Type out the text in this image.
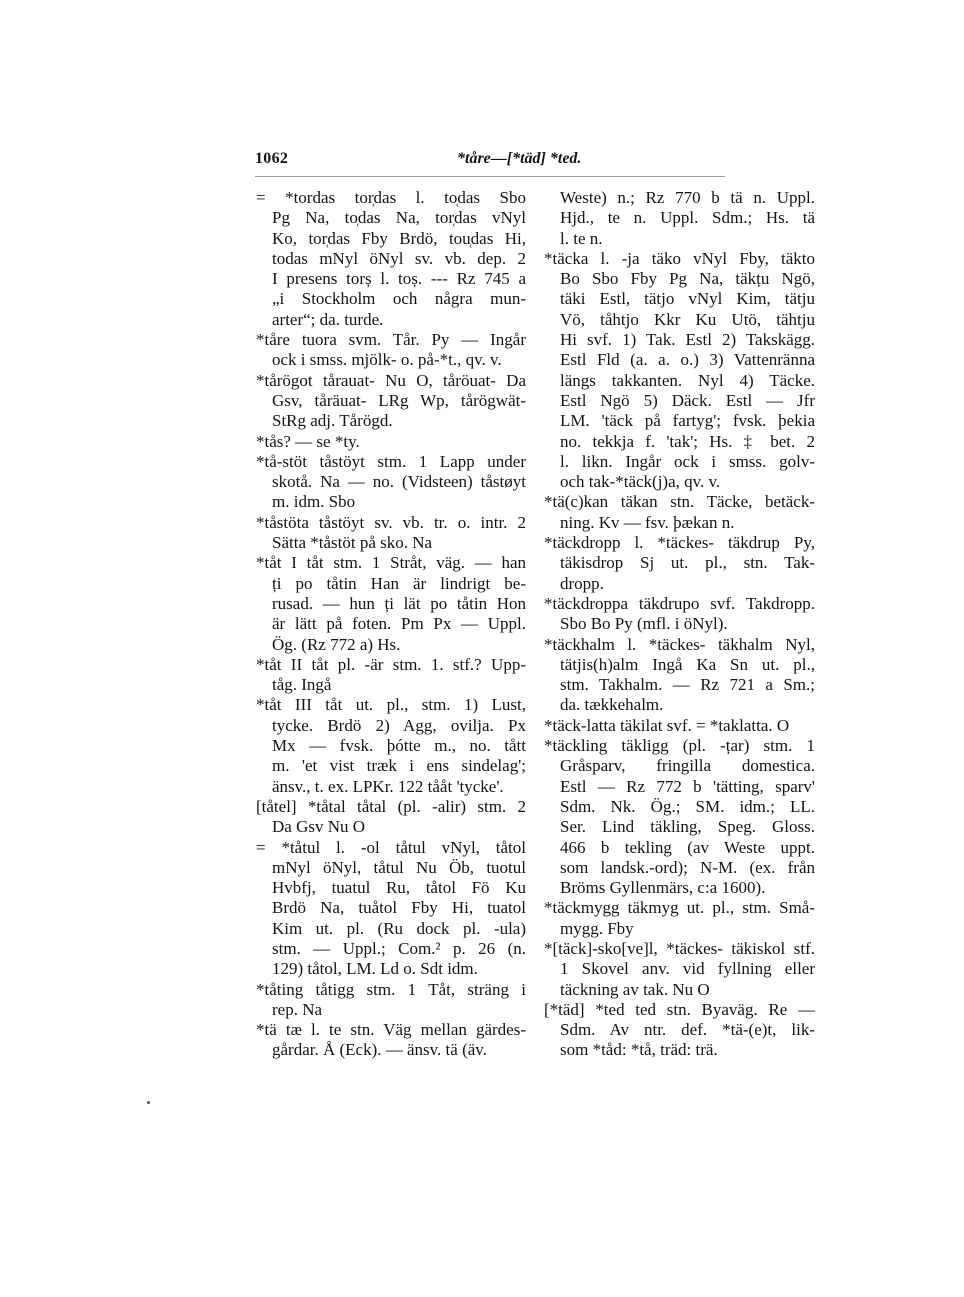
1062	*tåre—[*täd] *ted.
= *tordas tor̜das l. to̜das Sbo
Pg Na, to̜das Na, tor̜das vNyl
Ko, tor̜das Fby Brdö, tou̜das Hi,
todas mNyl öNyl sv. vb. dep. 2
I presens torș l. toș. --- Rz 745 a
„i Stockholm och några mun-
arter“; da. turde.
*tåre tuora svm. Tår. Py — Ingår
ock i smss. mjölk- o. på-*t., qv. v.
*tårögot tårauat- Nu O, tåröuat- Da
Gsv, tåräuat- LRg Wp, tårögwät-
StRg adj. Tårögd.
*tås? — se *ty.
*tå-stöt tåstöyt stm. 1 Lapp under
skotå. Na — no. (Vidsteen) tåstøyt
m. idm. Sbo
*tåstöta tåstöyt sv. vb. tr. o. intr. 2
Sätta *tåstöt på sko. Na
*tåt I tåt stm. 1 Stråt, väg. — han
ți po tåtin Han är lindrigt be-
rusad. — hun ți lät po tåtin Hon
är lätt på foten. Pm Px — Uppl.
Ög. (Rz 772 a) Hs.
*tåt II tåt pl. -är stm. 1. stf.? Upp-
tåg. Ingå
*tåt III tåt ut. pl., stm. 1) Lust,
tycke. Brdö 2) Agg, ovilja. Px
Mx — fvsk. þótte m., no. tått
m. 'et vist træk i ens sindelag';
änsv., t. ex. LPKr. 122 tååt 'tycke'.
[tåtel] *tåtal tåtal (pl. -alir) stm. 2
Da Gsv Nu O
= *tåtul l. -ol tåtul vNyl, tåtol
mNyl öNyl, tåtul Nu Öb, tuotul
Hvbfj, tuatul Ru, tåtol Fö Ku
Brdö Na, tuåtol Fby Hi, tuatol
Kim ut. pl. (Ru dock pl. -ula)
stm. — Uppl.; Com.² p. 26 (n.
129) tåtol, LM. Ld o. Sdt idm.
*tåting tåtigg stm. 1 Tåt, sträng i
rep. Na
*tä tæ l. te stn. Väg mellan gärdes-
gårdar. Å (Eck). — änsv. tä (äv.
Weste) n.; Rz 770 b tä n. Uppl.
Hjd., te n. Uppl. Sdm.; Hs. tä
l. te n.
*täcka l. -ja täko vNyl Fby, täkto
Bo Sbo Fby Pg Na, täkțu Ngö,
täki Estl, tätjo vNyl Kim, tätju
Vö, tåhtjo Kkr Ku Utö, tähtju
Hi svf. 1) Tak. Estl 2) Takskägg.
Estl Fld (a. a. o.) 3) Vattenränna
längs takkanten. Nyl 4) Täcke.
Estl Ngö 5) Däck. Estl — Jfr
LM. 'täck på fartyg'; fvsk. þekia
no. tekkja f. 'tak'; Hs. ‡ bet. 2
l. likn. Ingår ock i smss. golv-
och tak-*täck(j)a, qv. v.
*tä(c)kan täkan stn. Täcke, betäck-
ning. Kv — fsv. þækan n.
*täckdropp l. *täckes- täkdrup Py,
täkisdrop Sj ut. pl., stn. Tak-
dropp.
*täckdroppa täkdrupo svf. Takdropp.
Sbo Bo Py (mfl. i öNyl).
*täckhalm l. *täckes- täkhalm Nyl,
tätjis(h)alm Ingå Ka Sn ut. pl.,
stm. Takhalm. — Rz 721 a Sm.;
da. tækkehalm.
*täck-latta täkilat svf. = *taklatta. O
*täckling täkligg (pl. -țar) stm. 1
Gråsparv, fringilla domestica.
Estl — Rz 772 b 'tätting, sparv'
Sdm. Nk. Ög.; SM. idm.; LL.
Ser. Lind täkling, Speg. Gloss.
466 b tekling (av Weste uppt.
som landsk.-ord); N-M. (ex. från
Bröms Gyllenmärs, c:a 1600).
*täckmygg täkmyg ut. pl., stm. Små-
mygg. Fby
*[täck]-sko[ve]l, *täckes- täkiskol stf.
1 Skovel anv. vid fyllning eller
täckning av tak. Nu O
[*täd] *ted ted stn. Byaväg. Re —
Sdm. Av ntr. def. *tä-(e)t, lik-
som *tåd: *tå, träd: trä.
